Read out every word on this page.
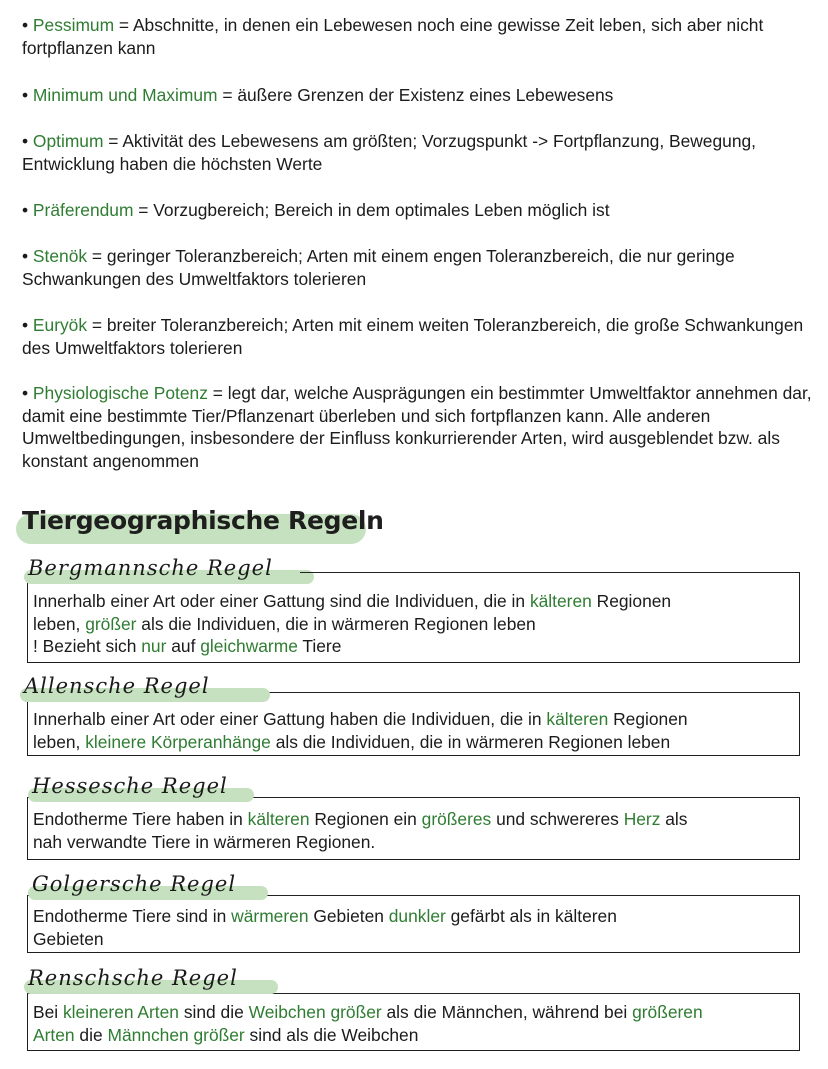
• Pessimum = Abschnitte, in denen ein Lebewesen noch eine gewisse Zeit leben, sich aber nicht fortpflanzen kann
• Minimum und Maximum = äußere Grenzen der Existenz eines Lebewesens
• Optimum = Aktivität des Lebewesens am größten; Vorzugspunkt -> Fortpflanzung, Bewegung, Entwicklung haben die höchsten Werte
• Präferendum = Vorzugbereich; Bereich in dem optimales Leben möglich ist
• Stenök = geringer Toleranzbereich; Arten mit einem engen Toleranzbereich, die nur geringe Schwankungen des Umweltfaktors tolerieren
• Euryök = breiter Toleranzbereich; Arten mit einem weiten Toleranzbereich, die große Schwankungen des Umweltfaktors tolerieren
• Physiologische Potenz = legt dar, welche Ausprägungen ein bestimmter Umweltfaktor annehmen dar, damit eine bestimmte Tier/Pflanzenart überleben und sich fortpflanzen kann. Alle anderen Umweltbedingungen, insbesondere der Einfluss konkurrierender Arten, wird ausgeblendet bzw. als konstant angenommen
Tiergeographische Regeln
Bergmannsche Regel
Innerhalb einer Art oder einer Gattung sind die Individuen, die in kälteren Regionen
leben, größer als die Individuen, die in wärmeren Regionen leben
! Bezieht sich nur auf gleichwarme Tiere
Allensche Regel
Innerhalb einer Art oder einer Gattung haben die Individuen, die in kälteren Regionen
leben, kleinere Körperanhänge als die Individuen, die in wärmeren Regionen leben
Hessesche Regel
Endotherme Tiere haben in kälteren Regionen ein größeres und schwereres Herz als
nah verwandte Tiere in wärmeren Regionen.
Golgersche Regel
Endotherme Tiere sind in wärmeren Gebieten dunkler gefärbt als in kälteren
Gebieten
Renschsche Regel
Bei kleineren Arten sind die Weibchen größer als die Männchen, während bei größeren
Arten die Männchen größer sind als die Weibchen
